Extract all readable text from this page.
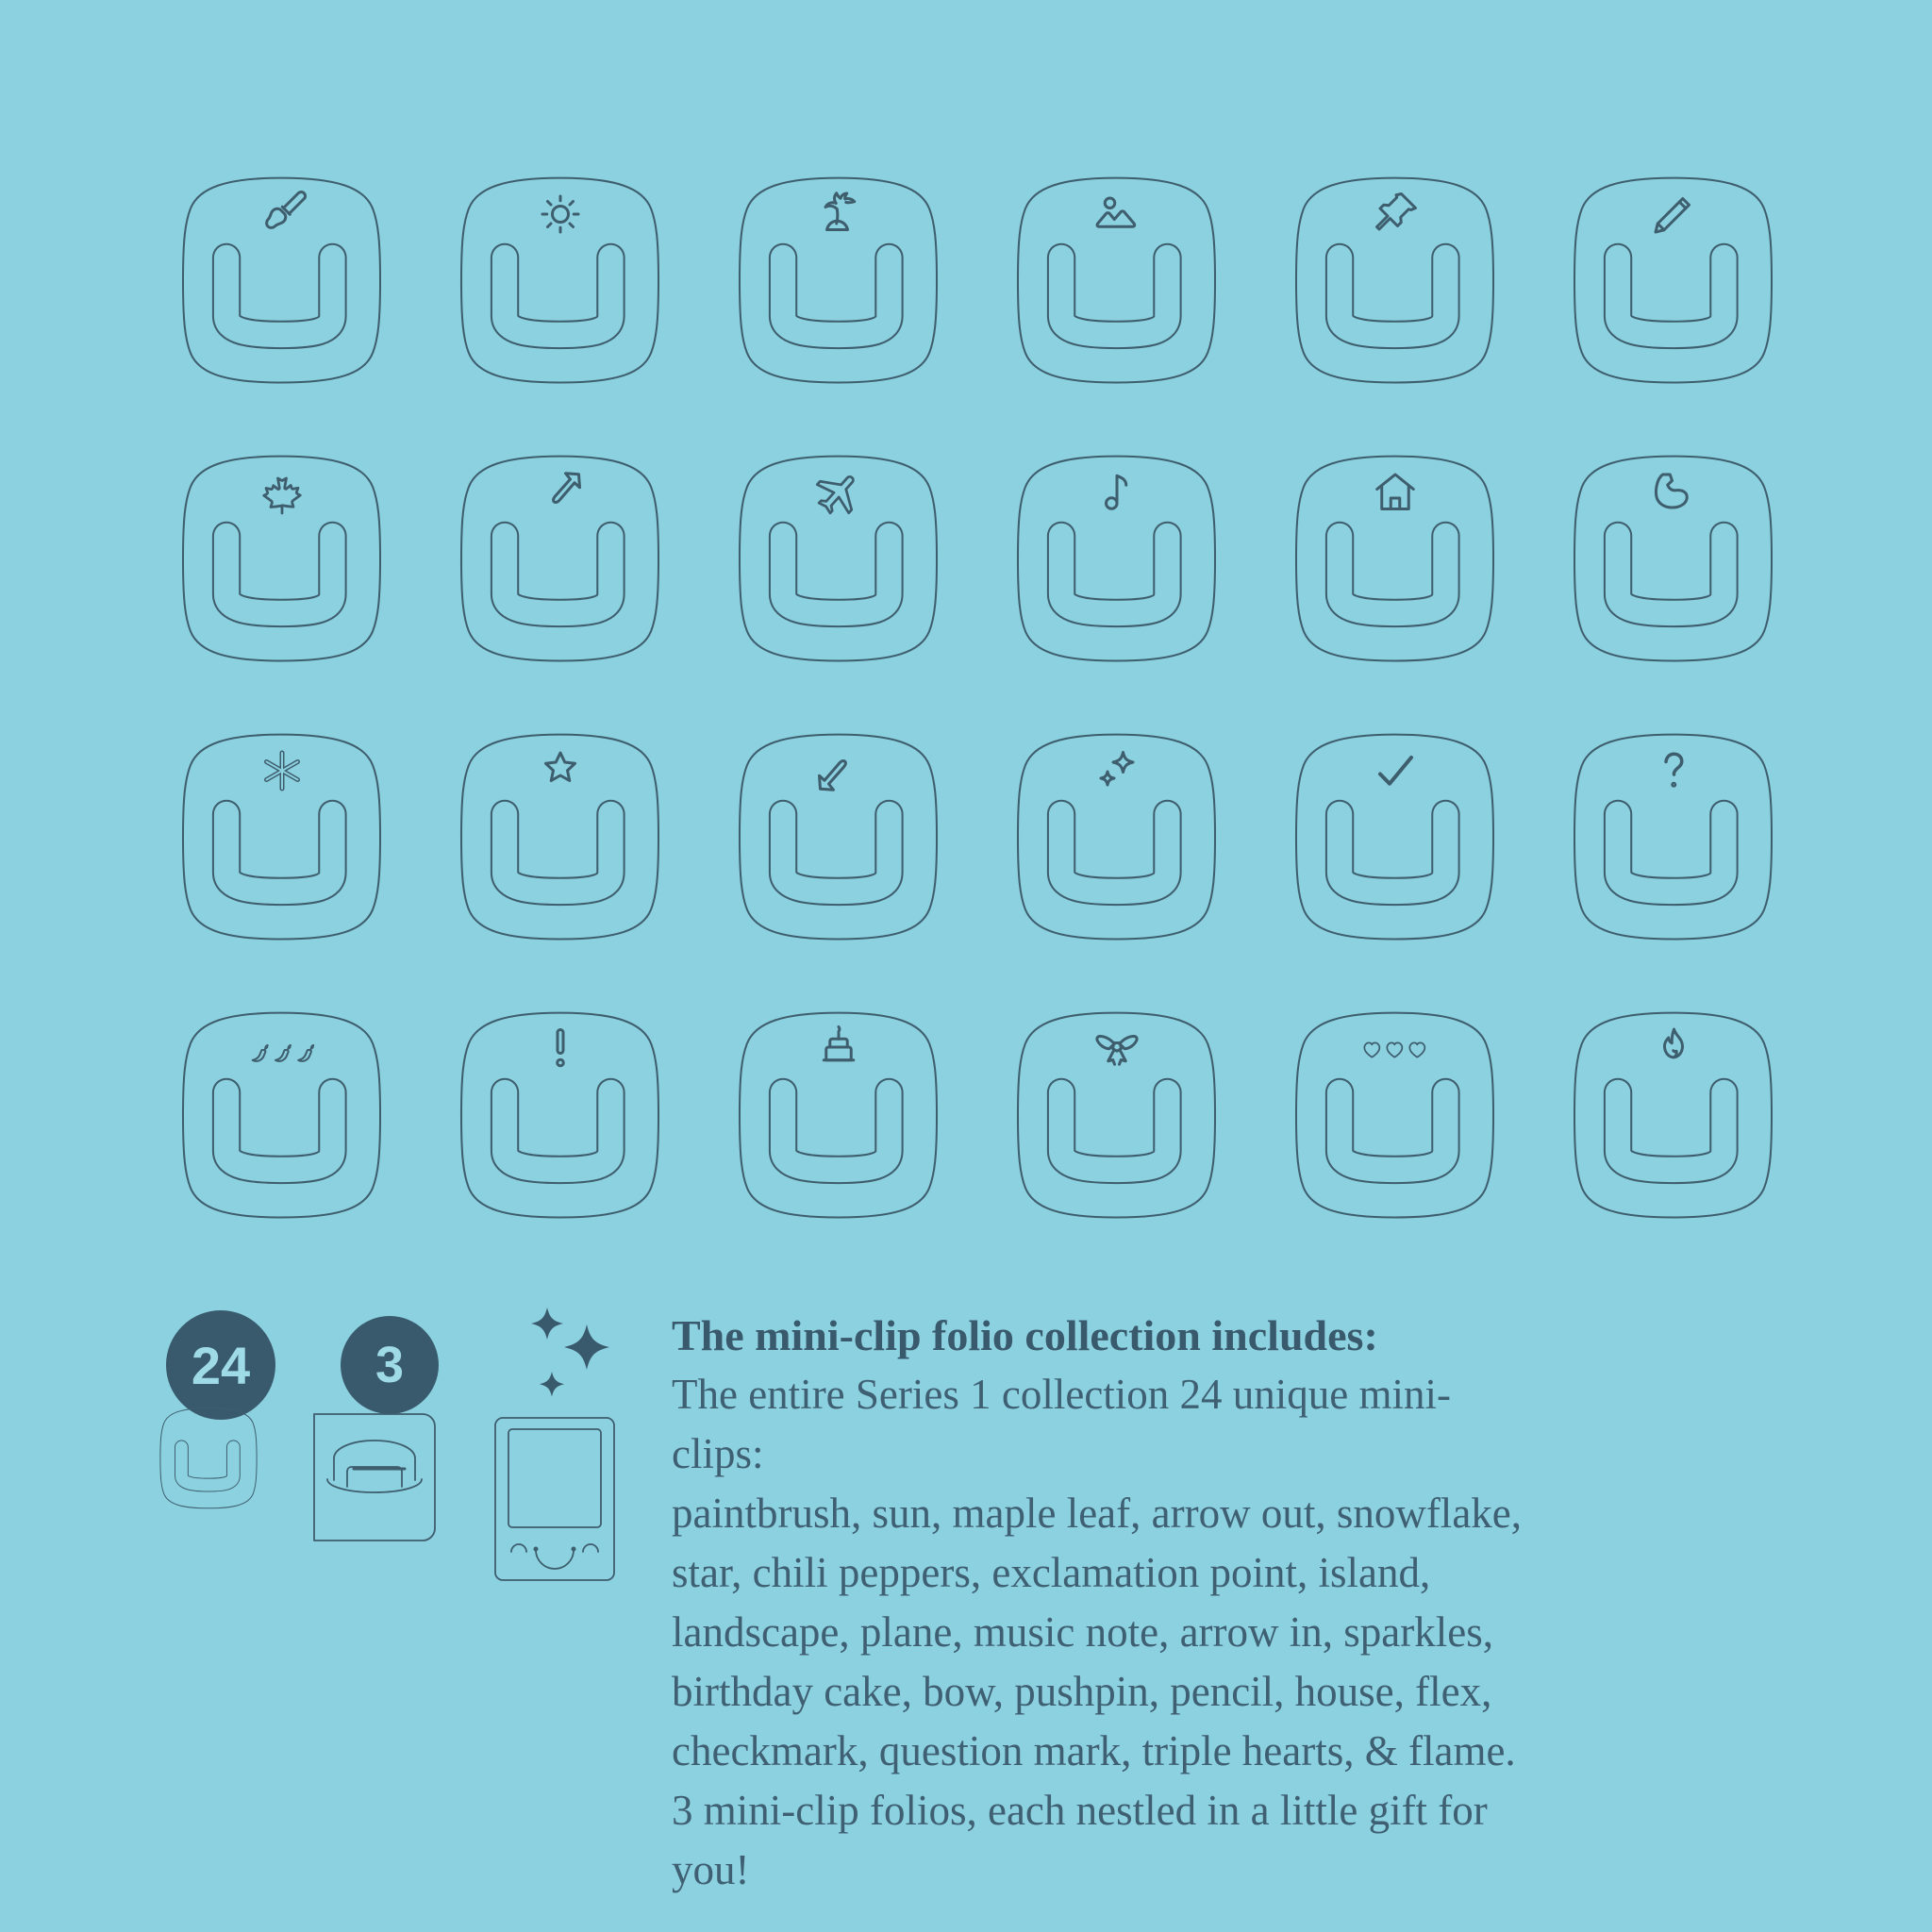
24 3
The mini-clip folio collection includes:
The entire Series 1 collection 24 unique mini-clips:
paintbrush, sun, maple leaf, arrow out, snowflake,
star, chili peppers, exclamation point, island,
landscape, plane, music note, arrow in, sparkles,
birthday cake, bow, pushpin, pencil, house, flex,
checkmark, question mark, triple hearts, & flame.
3 mini-clip folios, each nestled in a little gift for you!
